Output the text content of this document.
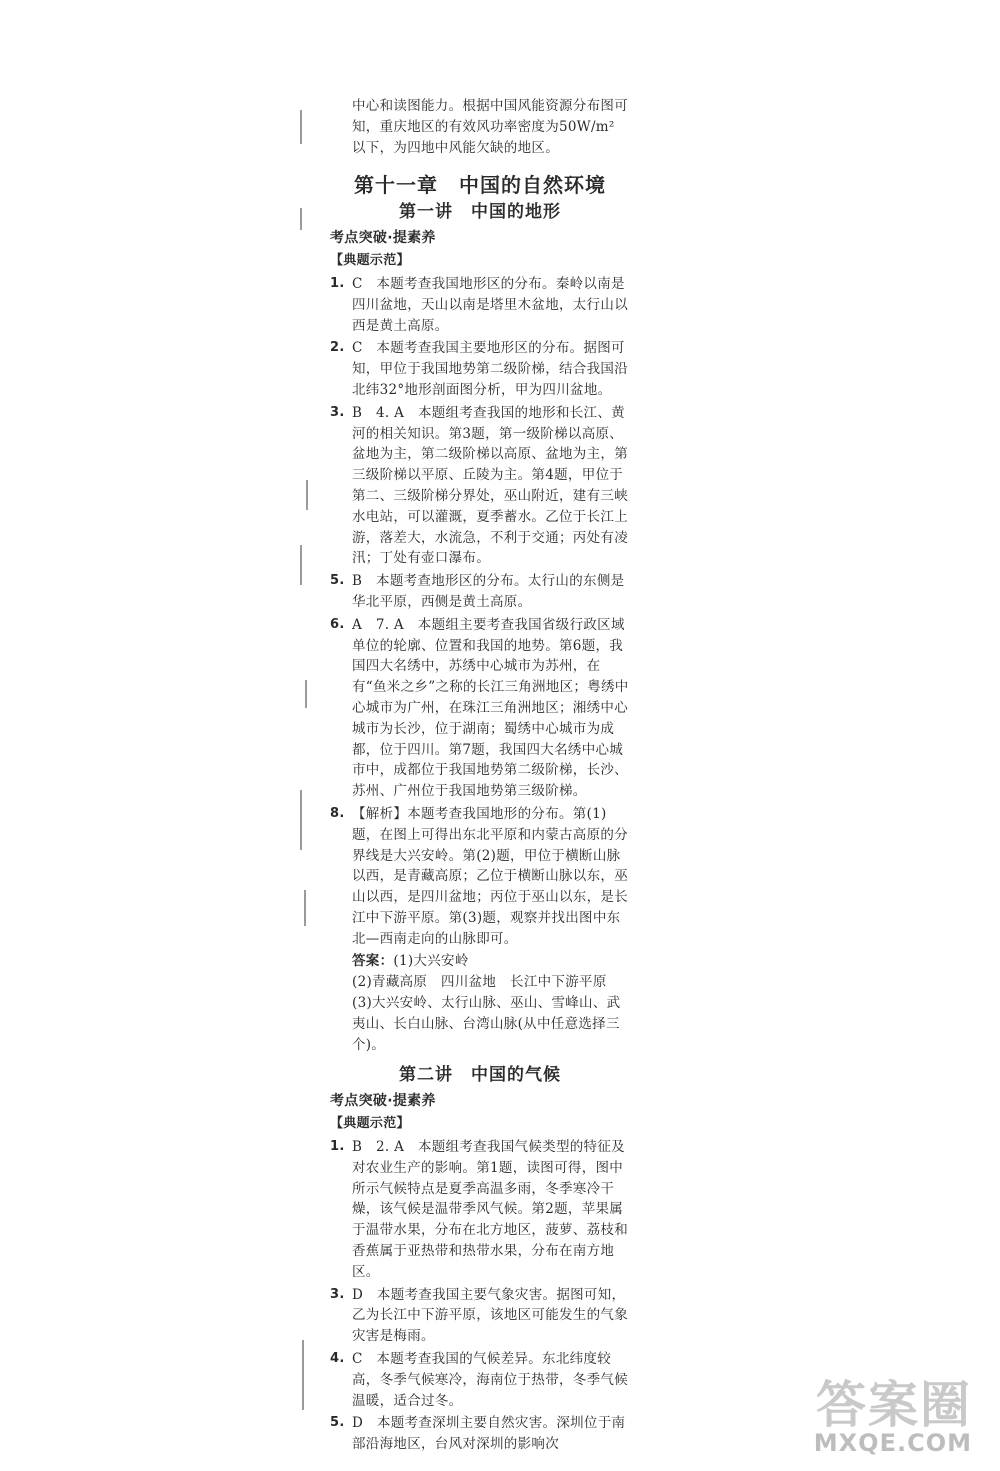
中心和读图能力。根据中国风能资源分布图可知，重庆地区的有效风功率密度为50W/m² 以下，为四地中风能欠缺的地区。

第十一章　中国的自然环境

第一讲　中国的地形

考点突破·提素养

【典题示范】

1. C　本题考查我国地形区的分布。秦岭以南是四川盆地，天山以南是塔里木盆地，太行山以西是黄土高原。
2. C　本题考查我国主要地形区的分布。据图可知，甲位于我国地势第二级阶梯，结合我国沿北纬32°地形剖面图分析，甲为四川盆地。
3. B　4. A　本题组考查我国的地形和长江、黄河的相关知识。第3题，第一级阶梯以高原、盆地为主，第二级阶梯以高原、盆地为主，第三级阶梯以平原、丘陵为主。第4题，甲位于第二、三级阶梯分界处，巫山附近，建有三峡水电站，可以灌溉，夏季蓄水。乙位于长江上游，落差大，水流急，不利于交通；丙处有凌汛；丁处有壶口瀑布。
5. B　本题考查地形区的分布。太行山的东侧是华北平原，西侧是黄土高原。
6. A　7. A　本题组主要考查我国省级行政区域单位的轮廓、位置和我国的地势。第6题，我国四大名绣中，苏绣中心城市为苏州，在有“鱼米之乡”之称的长江三角洲地区；粤绣中心城市为广州，在珠江三角洲地区；湘绣中心城市为长沙，位于湖南；蜀绣中心城市为成都，位于四川。第7题，我国四大名绣中心城市中，成都位于我国地势第二级阶梯，长沙、苏州、广州位于我国地势第三级阶梯。
8. 【解析】本题考查我国地形的分布。第(1)题，在图上可得出东北平原和内蒙古高原的分界线是大兴安岭。第(2)题，甲位于横断山脉以西，是青藏高原；乙位于横断山脉以东，巫山以西，是四川盆地；丙位于巫山以东，是长江中下游平原。第(3)题，观察并找出图中东北—西南走向的山脉即可。

答案：(1)大兴安岭

(2)青藏高原　四川盆地　长江中下游平原

(3)大兴安岭、太行山脉、巫山、雪峰山、武夷山、长白山脉、台湾山脉(从中任意选择三个)。

第二讲　中国的气候

考点突破·提素养

【典题示范】

1. B　2. A　本题组考查我国气候类型的特征及对农业生产的影响。第1题，读图可得，图中所示气候特点是夏季高温多雨，冬季寒冷干燥，该气候是温带季风气候。第2题，苹果属于温带水果，分布在北方地区，菠萝、荔枝和香蕉属于亚热带和热带水果，分布在南方地区。
3. D　本题考查我国主要气象灾害。据图可知，乙为长江中下游平原，该地区可能发生的气象灾害是梅雨。
4. C　本题考查我国的气候差异。东北纬度较高，冬季气候寒冷，海南位于热带，冬季气候温暖，适合过冬。
5. D　本题考查深圳主要自然灾害。深圳位于南部沿海地区，台风对深圳的影响次
答案圈
MXQE.COM
